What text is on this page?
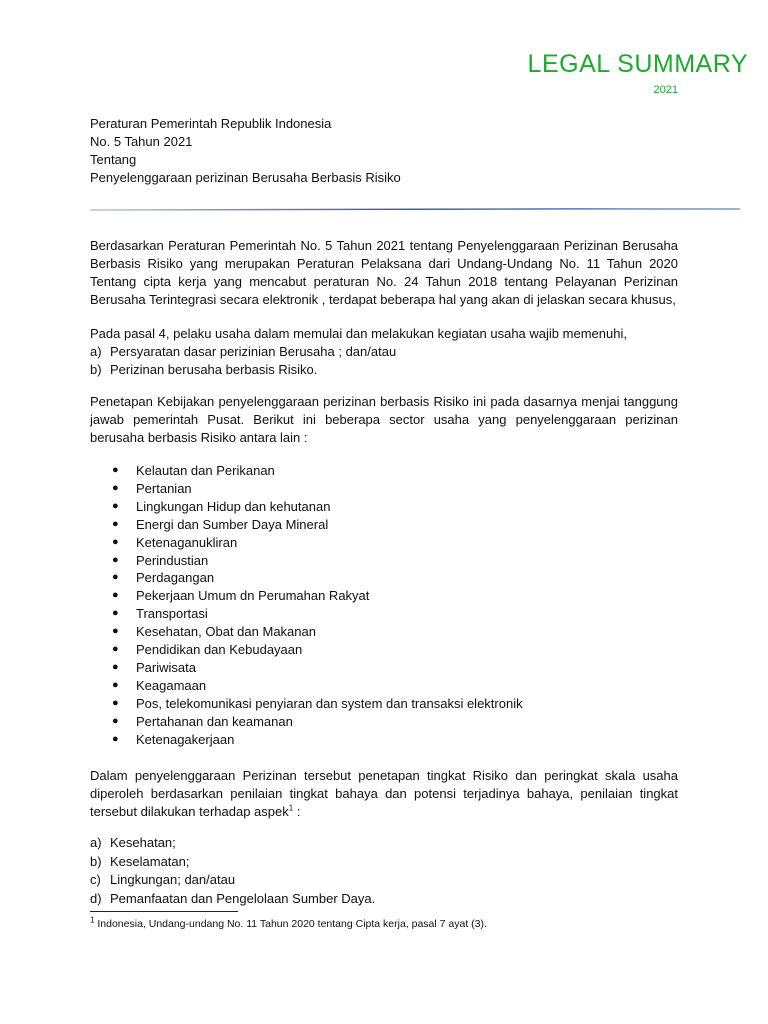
LEGAL SUMMARY
2021
Peraturan Pemerintah Republik Indonesia
No. 5 Tahun 2021
Tentang
Penyelenggaraan perizinan Berusaha Berbasis Risiko

Berdasarkan Peraturan Pemerintah No. 5 Tahun 2021 tentang Penyelenggaraan Perizinan Berusaha Berbasis Risiko yang merupakan Peraturan Pelaksana dari Undang-Undang No. 11 Tahun 2020 Tentang cipta kerja yang mencabut peraturan No. 24 Tahun 2018 tentang Pelayanan Perizinan Berusaha Terintegrasi secara elektronik , terdapat beberapa hal yang akan di jelaskan secara khusus,

Pada pasal 4, pelaku usaha dalam memulai dan melakukan kegiatan usaha wajib memenuhi,
a) Persyaratan dasar perizinian Berusaha ; dan/atau
b) Perizinan berusaha berbasis Risiko.

Penetapan Kebijakan penyelenggaraan perizinan berbasis Risiko ini pada dasarnya menjai tanggung jawab pemerintah Pusat. Berikut ini beberapa sector usaha yang penyelenggaraan perizinan berusaha berbasis Risiko antara lain :

●	Kelautan dan Perikanan
●	Pertanian
●	Lingkungan Hidup dan kehutanan
●	Energi dan Sumber Daya Mineral
●	Ketenaganukliran
●	Perindustian
●	Perdagangan
●	Pekerjaan Umum dn Perumahan Rakyat
●	Transportasi
●	Kesehatan, Obat dan Makanan
●	Pendidikan dan Kebudayaan
●	Pariwisata
●	Keagamaan
●	Pos, telekomunikasi penyiaran dan system dan transaksi elektronik
●	Pertahanan dan keamanan
●	Ketenagakerjaan

Dalam penyelenggaraan Perizinan tersebut penetapan tingkat Risiko dan peringkat skala usaha diperoleh berdasarkan penilaian tingkat bahaya dan potensi terjadinya bahaya, penilaian tingkat tersebut dilakukan terhadap aspek$^1$ :

a) Kesehatan;
b) Keselamatan;
c) Lingkungan; dan/atau
d) Pemanfaatan dan Pengelolaan Sumber Daya.
$^1$ Indonesia, Undang-undang No. 11 Tahun 2020 tentang Cipta kerja, pasal 7 ayat (3).
